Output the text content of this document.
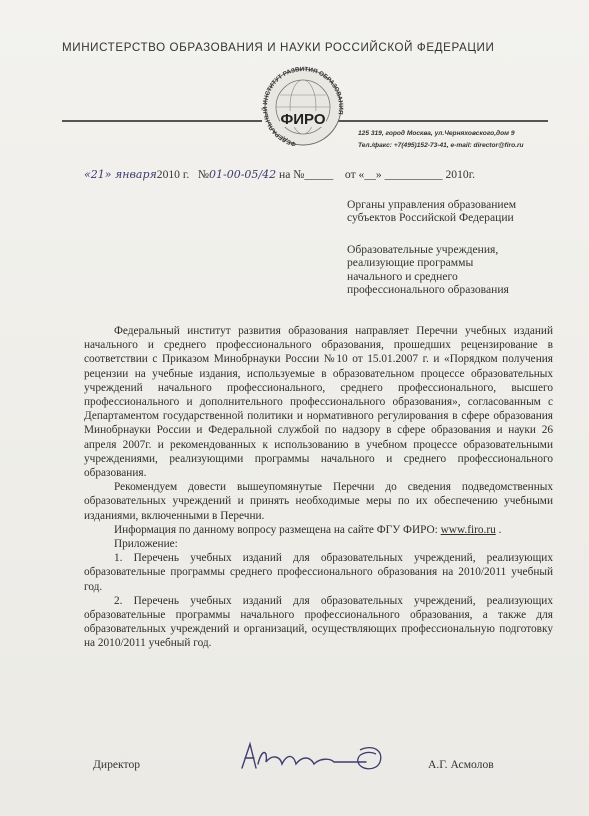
МИНИСТЕРСТВО ОБРАЗОВАНИЯ И НАУКИ РОССИЙСКОЙ ФЕДЕРАЦИИ
ФЕДЕРАЛЬНЫЙ ИНСТИТУТ РАЗВИТИЯ ОБРАЗОВАНИЯ
ФИРО
125 319, город Москва, ул.Черняховского,дом 9
Тел./факс: +7(495)152-73-41, e-mail: director@firo.ru
«21» января2010 г. №01-00-05/42 на №_____ от «__» __________ 2010г.
Органы управления образованием
субъектов Российской Федерации
Образовательные учреждения,
реализующие программы
начального и среднего
профессионального образования

Федеральный институт развития образования направляет Перечни учебных изданий начального и среднего профессионального образования, прошедших рецензирование в соответствии с Приказом Минобрнауки России №10 от 15.01.2007 г. и «Порядком получения рецензии на учебные издания, используемые в образовательном процессе образовательных учреждений начального профессионального, среднего профессионального, высшего профессионального и дополнительного профессионального образования», согласованным с Департаментом государственной политики и нормативного регулирования в сфере образования Минобрнауки России и Федеральной службой по надзору в сфере образования и науки 26 апреля 2007г. и рекомендованных к использованию в учебном процессе образовательными учреждениями, реализующими программы начального и среднего профессионального образования.

Рекомендуем довести вышеупомянутые Перечни до сведения подведомственных образовательных учреждений и принять необходимые меры по их обеспечению учебными изданиями, включенными в Перечни.

Информация по данному вопросу размещена на сайте ФГУ ФИРО: www.firo.ru .

Приложение:

1. Перечень учебных изданий для образовательных учреждений, реализующих образовательные программы среднего профессионального образования на 2010/2011 учебный год.

2. Перечень учебных изданий для образовательных учреждений, реализующих образовательные программы начального профессионального образования, а также для образовательных учреждений и организаций, осуществляющих профессиональную подготовку на 2010/2011 учебный год.

Директор	А.Г. Асмолов
